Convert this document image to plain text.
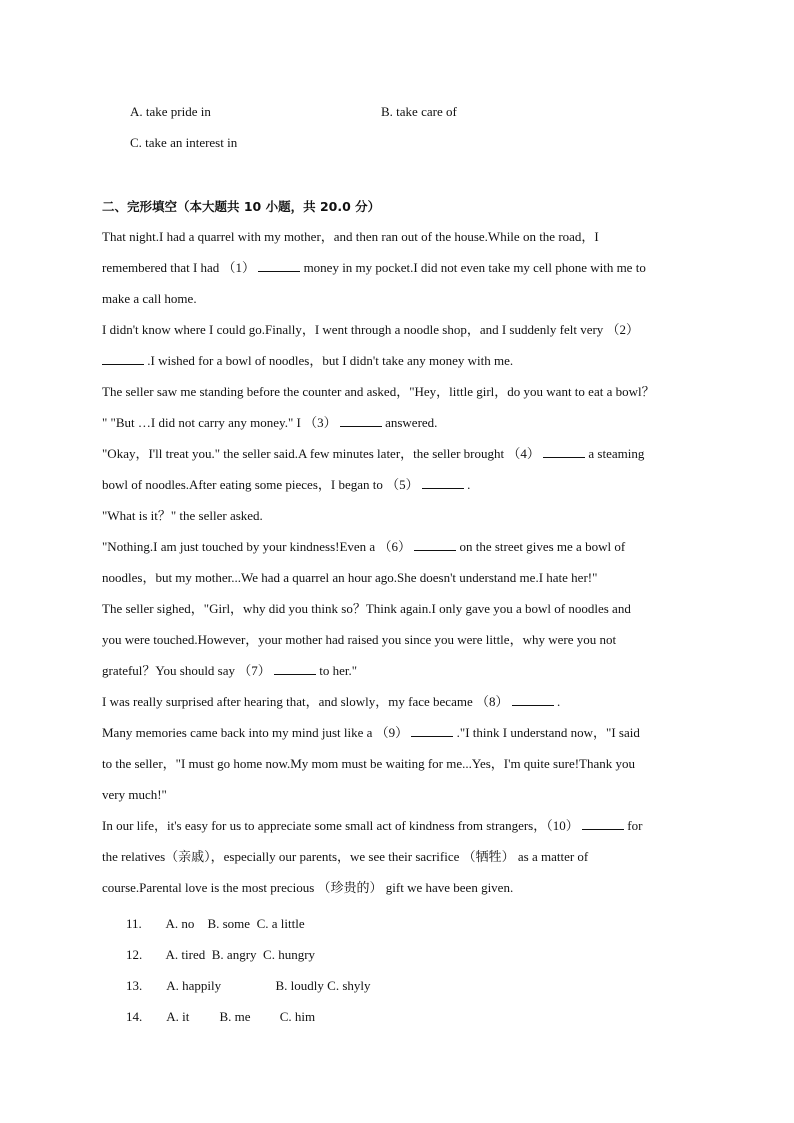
A. take pride in	B. take care of
C. take an interest in
二、完形填空（本大题共 10 小题，共 20.0 分）
That night.I had a quarrel with my mother，and then ran out of the house.While on the road，I
remembered that I had （1）	money in my pocket.I did not even take my cell phone with me to
make a call home.
I didn't know where I could go.Finally，I went through a noodle shop，and I suddenly felt very （2）
.I wished for a bowl of noodles，but I didn't take any money with me.
The seller saw me standing before the counter and asked，"Hey，little girl，do you want to eat a bowl？
" "But …I did not carry any money." I （3）	answered.
"Okay，I'll treat you." the seller said.A few minutes later，the seller brought （4）	a steaming
bowl of noodles.After eating some pieces，I began to （5）	.
"What is it？" the seller asked.
"Nothing.I am just touched by your kindness!Even a （6）	on the street gives me a bowl of
noodles，but my mother...We had a quarrel an hour ago.She doesn't understand me.I hate her!"
The seller sighed，"Girl，why did you think so？Think again.I only gave you a bowl of noodles and
you were touched.However，your mother had raised you since you were little，why were you not
grateful？You should say （7）	to her."
I was really surprised after hearing that，and slowly，my face became （8）	.
Many memories came back into my mind just like a （9）	."I think I understand now，"I said
to the seller，"I must go home now.My mom must be waiting for me...Yes，I'm quite sure!Thank you
very much!"
In our life，it's easy for us to appreciate some small act of kindness from strangers，（10）	for
the relatives（亲戚），especially our parents，we see their sacrifice （牺牲） as a matter of
course.Parental love is the most precious （珍贵的） gift we have been given.
11. A. no B. some C. a little
12. A. tired B. angry C. hungry
13. A. happily	B. loudly C. shyly
14. A. it B. me C. him
